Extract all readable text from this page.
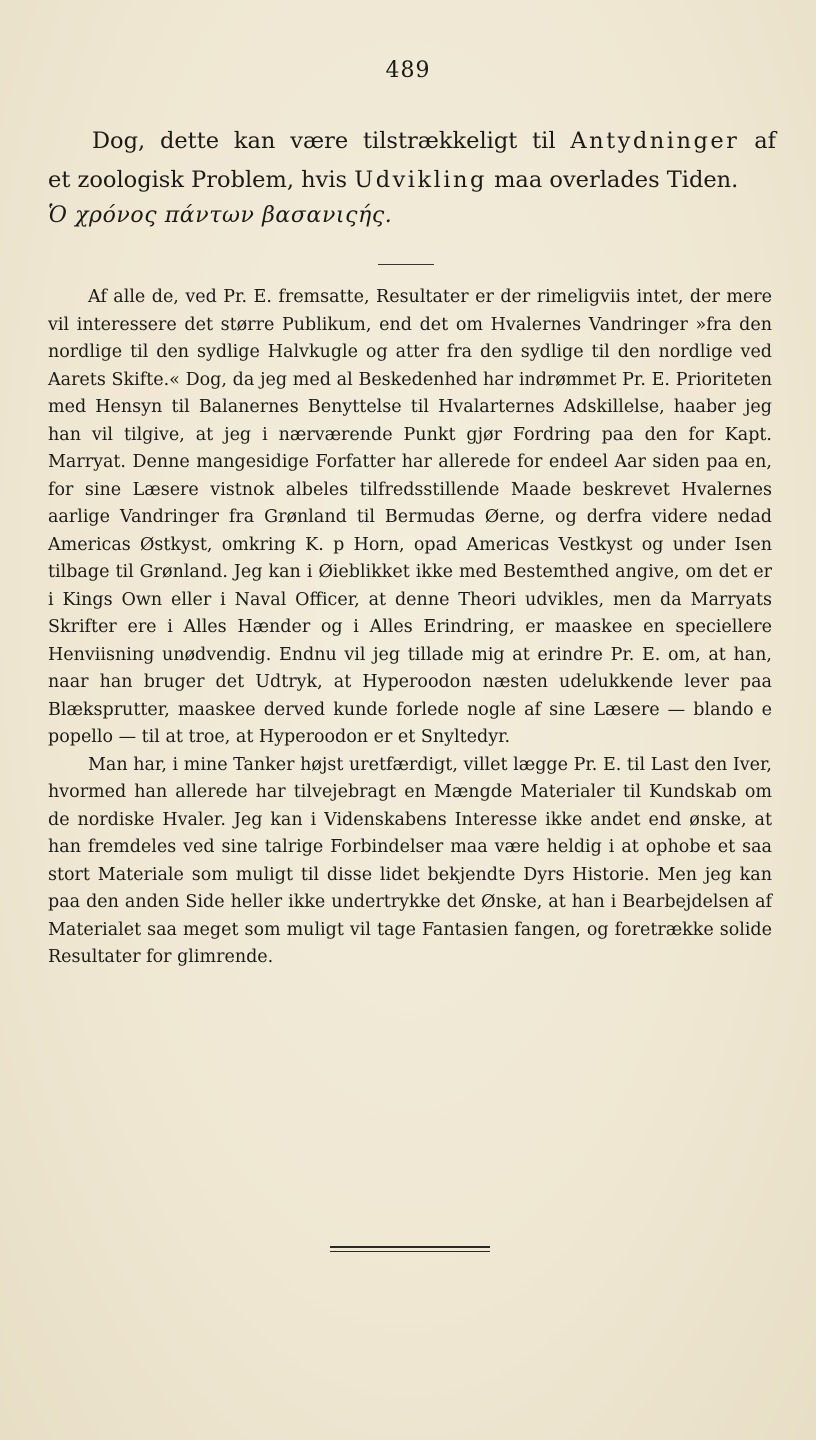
489

Dog, dette kan være tilstrækkeligt til Antydninger af

et zoologisk Problem, hvis Udvikling maa overlades Tiden.

Ὁ χρόνος πάντων βασανιςής.

Af alle de, ved Pr. E. fremsatte, Resultater er der rimeligviis intet, der mere vil interessere det større Publikum, end det om Hvalernes Vandringer »fra den nordlige til den sydlige Halvkugle og atter fra den sydlige til den nordlige ved Aarets Skifte.« Dog, da jeg med al Beskedenhed har indrømmet Pr. E. Prioriteten med Hensyn til Balanernes Benyttelse til Hvalarternes Adskillelse, haaber jeg han vil tilgive, at jeg i nærværende Punkt gjør Fordring paa den for Kapt. Marryat. Denne mangesidige Forfatter har allerede for endeel Aar siden paa en, for sine Læsere vistnok albeles tilfredsstillende Maade beskrevet Hvalernes aarlige Vandringer fra Grønland til Bermudas Øerne, og derfra videre nedad Americas Østkyst, omkring K. p Horn, opad Americas Vestkyst og under Isen tilbage til Grønland. Jeg kan i Øieblikket ikke med Bestemthed angive, om det er i Kings Own eller i Naval Officer, at denne Theori udvikles, men da Marryats Skrifter ere i Alles Hænder og i Alles Erindring, er maaskee en speciellere Henviisning unødvendig. Endnu vil jeg tillade mig at erindre Pr. E. om, at han, naar han bruger det Udtryk, at Hyperoodon næsten udelukkende lever paa Blæksprutter, maaskee derved kunde forlede nogle af sine Læsere — blando e popello — til at troe, at Hyperoodon er et Snyltedyr.

Man har, i mine Tanker højst uretfærdigt, villet lægge Pr. E. til Last den Iver, hvormed han allerede har tilvejebragt en Mængde Materialer til Kundskab om de nordiske Hvaler. Jeg kan i Videnskabens Interesse ikke andet end ønske, at han fremdeles ved sine talrige Forbindelser maa være heldig i at ophobe et saa stort Materiale som muligt til disse lidet bekjendte Dyrs Historie. Men jeg kan paa den anden Side heller ikke undertrykke det Ønske, at han i Bearbejdelsen af Materialet saa meget som muligt vil tage Fantasien fangen, og foretrække solide Resultater for glimrende.
